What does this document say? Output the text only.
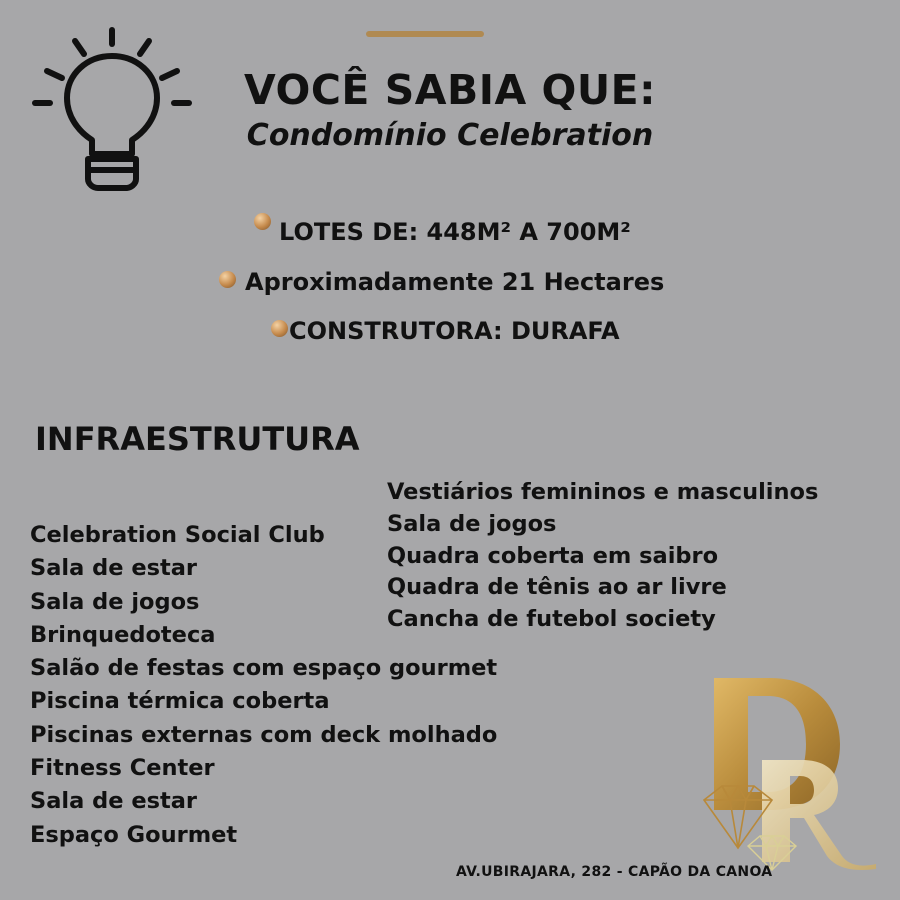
VOCÊ SABIA QUE:
Condomínio Celebration
LOTES DE: 448M² A 700M²
Aproximadamente 21 Hectares
CONSTRUTORA: DURAFA
INFRAESTRUTURA
Celebration Social Club
Sala de estar
Sala de jogos
Brinquedoteca
Salão de festas com espaço gourmet
Piscina térmica coberta
Piscinas externas com deck molhado
Fitness Center
Sala de estar
Espaço Gourmet
Vestiários femininos e masculinos
Sala de jogos
Quadra coberta em saibro
Quadra de tênis ao ar livre
Cancha de futebol society
AV.UBIRAJARA, 282 - CAPÃO DA CANOA
